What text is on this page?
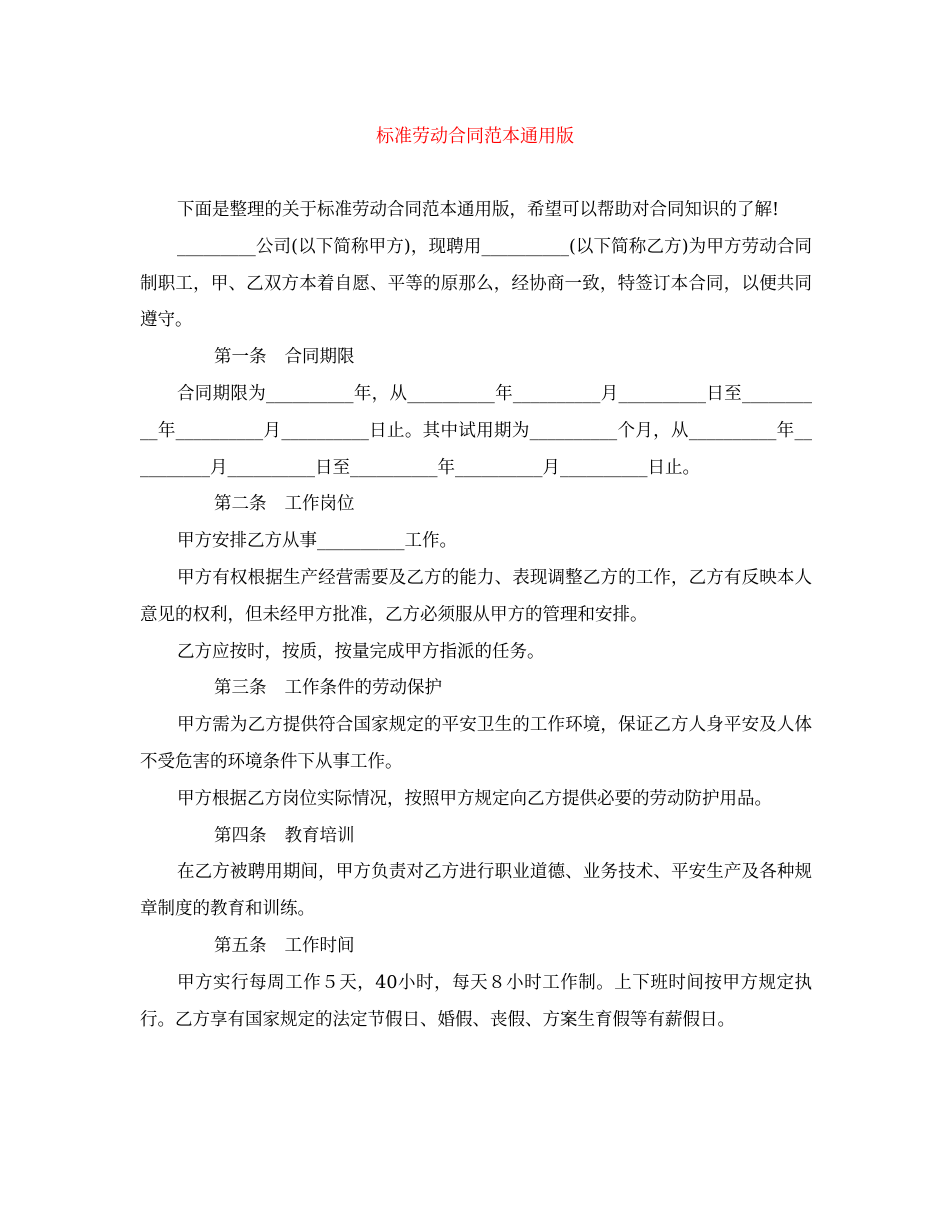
标准劳动合同范本通用版

下面是整理的关于标准劳动合同范本通用版，希望可以帮助对合同知识的了解!

_________公司(以下简称甲方)，现聘用__________(以下简称乙方)为甲方劳动合同制职工，甲、乙双方本着自愿、平等的原那么，经协商一致，特签订本合同，以便共同遵守。

第一条 合同期限

合同期限为__________年，从__________年__________月__________日至__________年__________月__________日止。其中试用期为__________个月，从__________年__________月__________日至__________年__________月__________日止。

第二条 工作岗位

甲方安排乙方从事__________工作。

甲方有权根据生产经营需要及乙方的能力、表现调整乙方的工作，乙方有反映本人意见的权利，但未经甲方批准，乙方必须服从甲方的管理和安排。

乙方应按时，按质，按量完成甲方指派的任务。

第三条 工作条件的劳动保护

甲方需为乙方提供符合国家规定的平安卫生的工作环境，保证乙方人身平安及人体不受危害的环境条件下从事工作。

甲方根据乙方岗位实际情况，按照甲方规定向乙方提供必要的劳动防护用品。

第四条 教育培训

在乙方被聘用期间，甲方负责对乙方进行职业道德、业务技术、平安生产及各种规章制度的教育和训练。

第五条 工作时间

甲方实行每周工作５天，40小时，每天８小时工作制。上下班时间按甲方规定执行。乙方享有国家规定的法定节假日、婚假、丧假、方案生育假等有薪假日。
